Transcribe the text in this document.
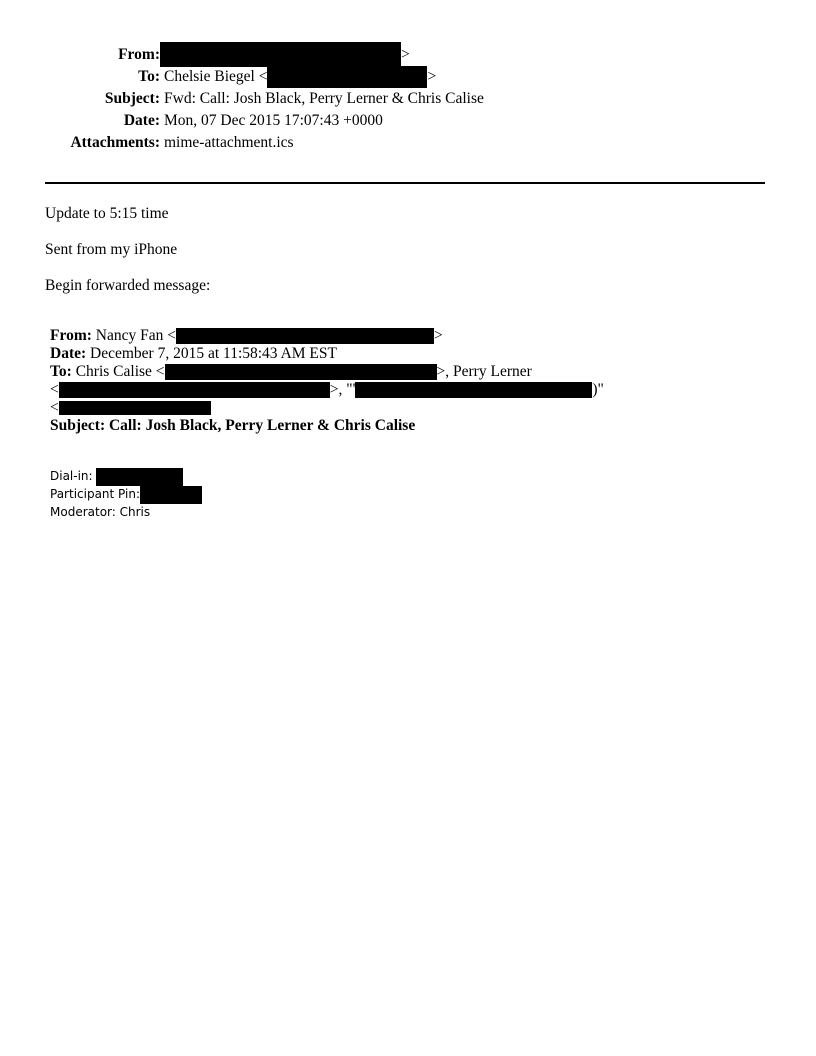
From:	>
To: Chelsie Biegel <	>
Subject: Fwd: Call: Josh Black, Perry Lerner & Chris Calise
Date: Mon, 07 Dec 2015 17:07:43 +0000
Attachments: mime-attachment.ics
Update to 5:15 time
Sent from my iPhone
Begin forwarded message:
From: Nancy Fan <	>
Date: December 7, 2015 at 11:58:43 AM EST
To: Chris Calise <	>, Perry Lerner
<	>, "'	)"
<
Subject: Call: Josh Black, Perry Lerner & Chris Calise
Dial-in:
Participant Pin:
Moderator: Chris
